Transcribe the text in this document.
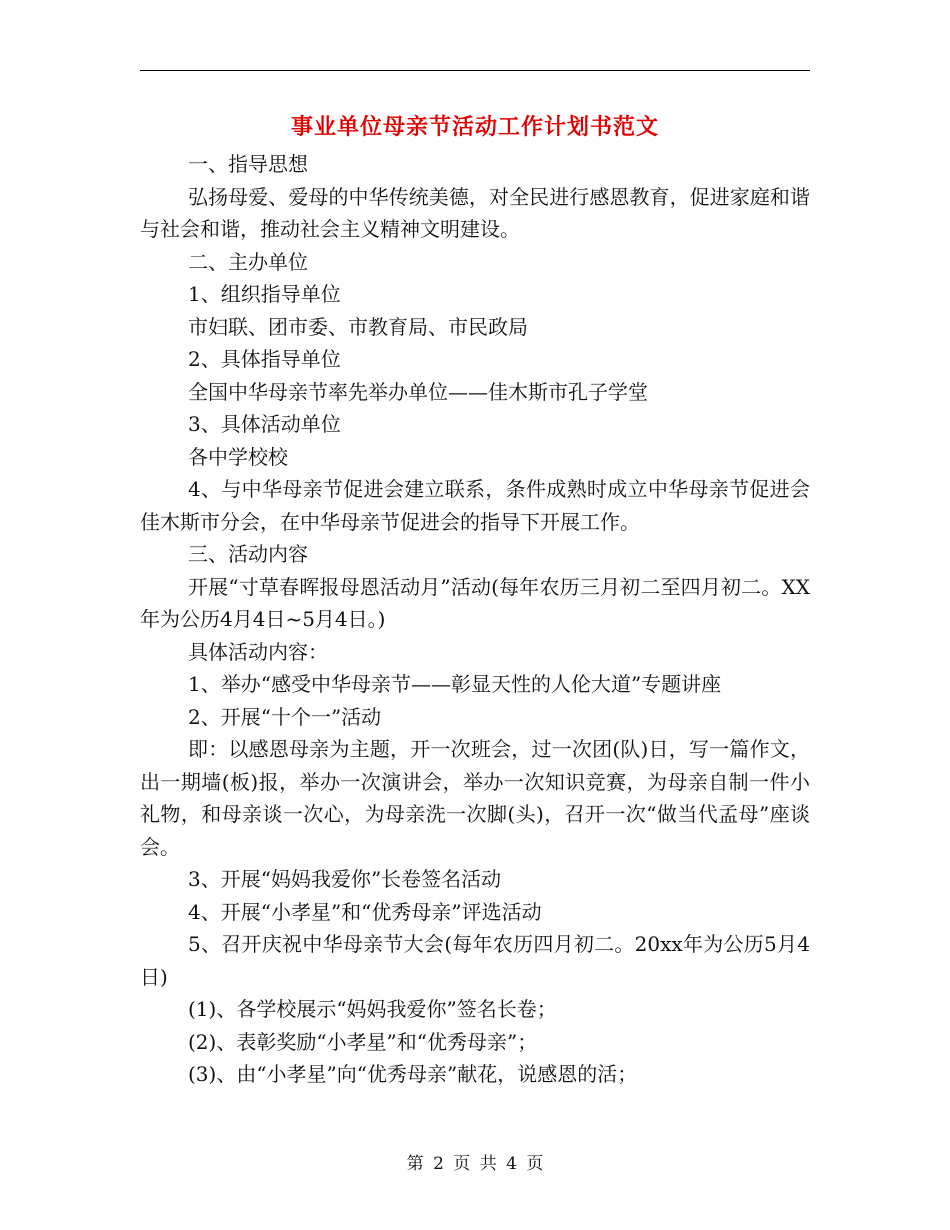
事业单位母亲节活动工作计划书范文

一、指导思想

弘扬母爱、爱母的中华传统美德，对全民进行感恩教育，促进家庭和谐与社会和谐，推动社会主义精神文明建设。

二、主办单位

1、组织指导单位

市妇联、团市委、市教育局、市民政局

2、具体指导单位

全国中华母亲节率先举办单位——佳木斯市孔子学堂

3、具体活动单位

各中学校校

4、与中华母亲节促进会建立联系，条件成熟时成立中华母亲节促进会佳木斯市分会，在中华母亲节促进会的指导下开展工作。

三、活动内容

开展“寸草春晖报母恩活动月”活动(每年农历三月初二至四月初二。XX年为公历4月4日~5月4日。)

具体活动内容：

1、举办“感受中华母亲节——彰显天性的人伦大道”专题讲座

2、开展“十个一”活动

即：以感恩母亲为主题，开一次班会，过一次团(队)日，写一篇作文，出一期墙(板)报，举办一次演讲会，举办一次知识竞赛，为母亲自制一件小礼物，和母亲谈一次心，为母亲洗一次脚(头)，召开一次“做当代孟母”座谈会。

3、开展“妈妈我爱你”长卷签名活动

4、开展“小孝星”和“优秀母亲”评选活动

5、召开庆祝中华母亲节大会(每年农历四月初二。20xx年为公历5月4日)

(1)、各学校展示“妈妈我爱你”签名长卷；

(2)、表彰奖励“小孝星”和“优秀母亲”；

(3)、由“小孝星”向“优秀母亲”献花，说感恩的活；

第 2 页 共 4 页
